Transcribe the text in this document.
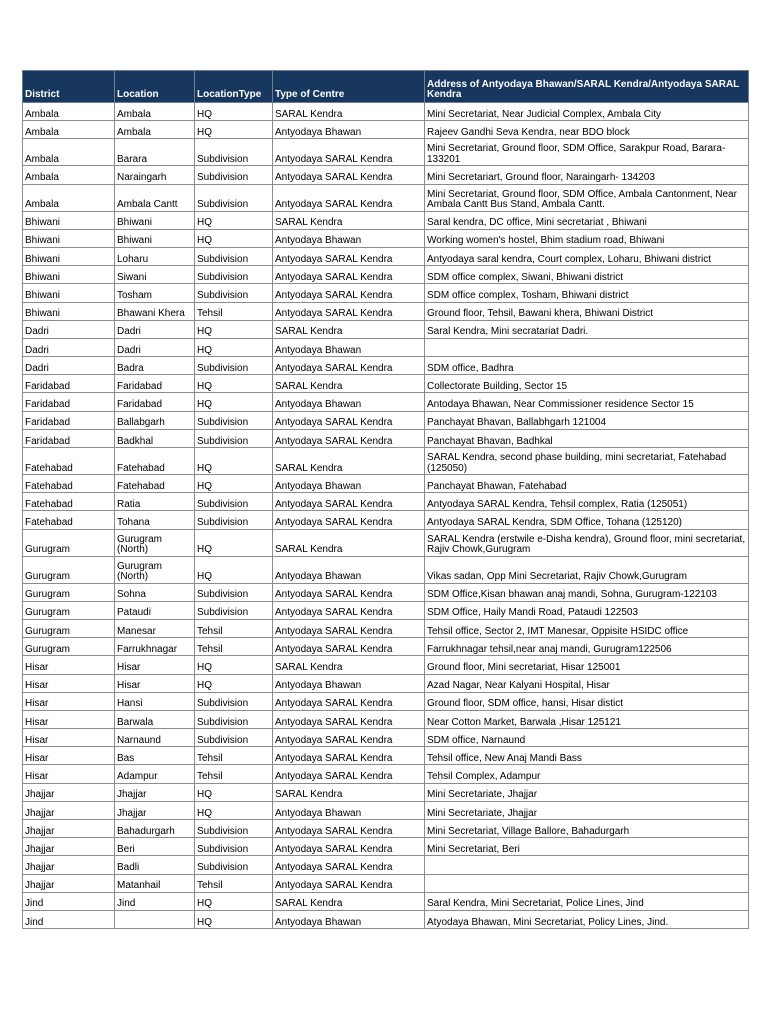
District	Location	LocationType	Type of Centre	Address of Antyodaya Bhawan/SARAL Kendra/Antyodaya SARAL Kendra
Ambala	Ambala	HQ	SARAL Kendra	Mini Secretariat, Near Judicial Complex, Ambala City
Ambala	Ambala	HQ	Antyodaya Bhawan	Rajeev Gandhi Seva Kendra, near BDO block
Ambala	Barara	Subdivision	Antyodaya SARAL Kendra	Mini Secretariat, Ground floor, SDM Office, Sarakpur Road, Barara- 133201
Ambala	Naraingarh	Subdivision	Antyodaya SARAL Kendra	Mini Secretariart, Ground floor, Naraingarh- 134203
Ambala	Ambala Cantt	Subdivision	Antyodaya SARAL Kendra	Mini Secretariat, Ground floor, SDM Office, Ambala Cantonment, Near Ambala Cantt Bus Stand, Ambala Cantt.
Bhiwani	Bhiwani	HQ	SARAL Kendra	Saral kendra, DC office, Mini secretariat , Bhiwani
Bhiwani	Bhiwani	HQ	Antyodaya Bhawan	Working women's hostel, Bhim stadium road, Bhiwani
Bhiwani	Loharu	Subdivision	Antyodaya SARAL Kendra	Antyodaya saral kendra, Court complex, Loharu, Bhiwani district
Bhiwani	Siwani	Subdivision	Antyodaya SARAL Kendra	SDM office complex, Siwani, Bhiwani district
Bhiwani	Tosham	Subdivision	Antyodaya SARAL Kendra	SDM office complex, Tosham, Bhiwani district
Bhiwani	Bhawani Khera	Tehsil	Antyodaya SARAL Kendra	Ground floor, Tehsil, Bawani khera, Bhiwani District
Dadri	Dadri	HQ	SARAL Kendra	Saral Kendra, Mini secratariat Dadri.
Dadri	Dadri	HQ	Antyodaya Bhawan	
Dadri	Badra	Subdivision	Antyodaya SARAL Kendra	SDM office, Badhra
Faridabad	Faridabad	HQ	SARAL Kendra	Collectorate Building, Sector 15
Faridabad	Faridabad	HQ	Antyodaya Bhawan	Antodaya Bhawan, Near Commissioner residence Sector 15
Faridabad	Ballabgarh	Subdivision	Antyodaya SARAL Kendra	Panchayat Bhavan, Ballabhgarh 121004
Faridabad	Badkhal	Subdivision	Antyodaya SARAL Kendra	Panchayat Bhavan, Badhkal
Fatehabad	Fatehabad	HQ	SARAL Kendra	SARAL Kendra, second phase building, mini secretariat, Fatehabad (125050)
Fatehabad	Fatehabad	HQ	Antyodaya Bhawan	Panchayat Bhawan, Fatehabad
Fatehabad	Ratia	Subdivision	Antyodaya SARAL Kendra	Antyodaya SARAL Kendra, Tehsil complex, Ratia (125051)
Fatehabad	Tohana	Subdivision	Antyodaya SARAL Kendra	Antyodaya SARAL Kendra, SDM Office, Tohana (125120)
Gurugram	Gurugram (North)	HQ	SARAL Kendra	SARAL Kendra (erstwile e-Disha kendra), Ground floor, mini secretariat, Rajiv Chowk,Gurugram
Gurugram	Gurugram (North)	HQ	Antyodaya Bhawan	Vikas sadan, Opp Mini Secretariat, Rajiv Chowk,Gurugram
Gurugram	Sohna	Subdivision	Antyodaya SARAL Kendra	SDM Office,Kisan bhawan anaj mandi, Sohna, Gurugram-122103
Gurugram	Pataudi	Subdivision	Antyodaya SARAL Kendra	SDM Office, Haily Mandi Road, Pataudi 122503
Gurugram	Manesar	Tehsil	Antyodaya SARAL Kendra	Tehsil office, Sector 2, IMT Manesar, Oppisite HSIDC office
Gurugram	Farrukhnagar	Tehsil	Antyodaya SARAL Kendra	Farrukhnagar tehsil,near anaj mandi, Gurugram122506
Hisar	Hisar	HQ	SARAL Kendra	Ground floor, Mini secretariat, Hisar 125001
Hisar	Hisar	HQ	Antyodaya Bhawan	Azad Nagar, Near Kalyani Hospital, Hisar
Hisar	Hansi	Subdivision	Antyodaya SARAL Kendra	Ground floor, SDM office, hansi, Hisar distict
Hisar	Barwala	Subdivision	Antyodaya SARAL Kendra	Near Cotton Market, Barwala ,Hisar 125121
Hisar	Narnaund	Subdivision	Antyodaya SARAL Kendra	SDM office, Narnaund
Hisar	Bas	Tehsil	Antyodaya SARAL Kendra	Tehsil office, New Anaj Mandi Bass
Hisar	Adampur	Tehsil	Antyodaya SARAL Kendra	Tehsil Complex, Adampur
Jhajjar	Jhajjar	HQ	SARAL Kendra	Mini Secretariate, Jhajjar
Jhajjar	Jhajjar	HQ	Antyodaya Bhawan	Mini Secretariate, Jhajjar
Jhajjar	Bahadurgarh	Subdivision	Antyodaya SARAL Kendra	Mini Secretariat, Village Ballore, Bahadurgarh
Jhajjar	Beri	Subdivision	Antyodaya SARAL Kendra	Mini Secretariat, Beri
Jhajjar	Badli	Subdivision	Antyodaya SARAL Kendra	
Jhajjar	Matanhail	Tehsil	Antyodaya SARAL Kendra	
Jind	Jind	HQ	SARAL Kendra	Saral Kendra, Mini Secretariat, Police Lines, Jind
Jind		HQ	Antyodaya Bhawan	Atyodaya Bhawan, Mini Secretariat, Policy Lines, Jind.
